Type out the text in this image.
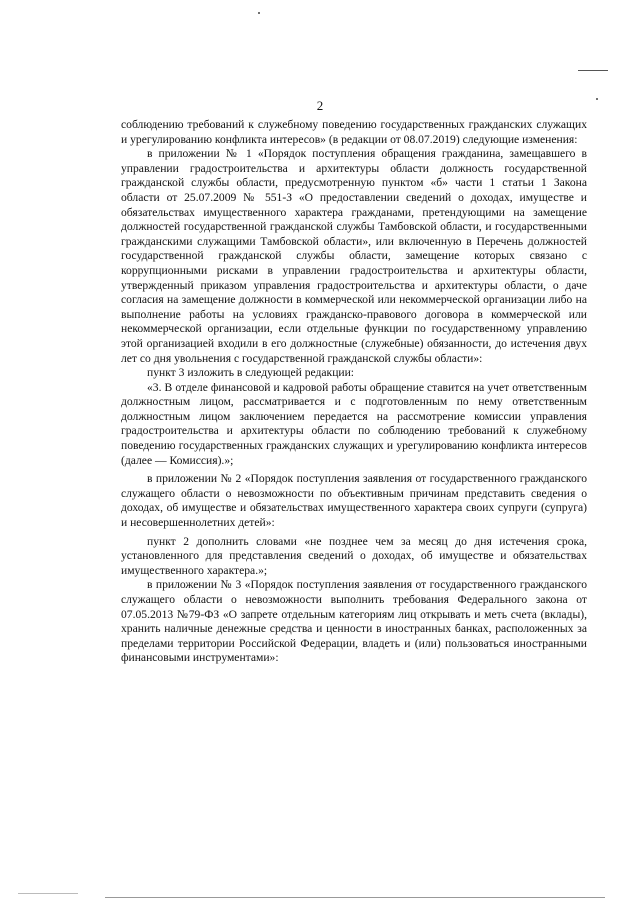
2

соблюдению требований к служебному поведению государственных гражданских служащих и урегулированию конфликта интересов» (в редакции от 08.07.2019) следующие изменения:

в приложении № 1 «Порядок поступления обращения гражданина, замещавшего в управлении градостроительства и архитектуры области должность государственной гражданской службы области, предусмотренную пунктом «б» части 1 статьи 1 Закона области от 25.07.2009 № 551-З «О предоставлении сведений о доходах, имуществе и обязательствах имущественного характера гражданами, претендующими на замещение должностей государственной гражданской службы Тамбовской области, и государственными гражданскими служащими Тамбовской области», или включенную в Перечень должностей государственной гражданской службы области, замещение которых связано с коррупционными рисками в управлении градостроительства и архитектуры области, утвержденный приказом управления градостроительства и архитектуры области, о даче согласия на замещение должности в коммерческой или некоммерческой организации либо на выполнение работы на условиях гражданско-правового договора в коммерческой или некоммерческой организации, если отдельные функции по государственному управлению этой организацией входили в его должностные (служебные) обязанности, до истечения двух лет со дня увольнения с государственной гражданской службы области»:

пункт 3 изложить в следующей редакции:

«3. В отделе финансовой и кадровой работы обращение ставится на учет ответственным должностным лицом, рассматривается и с подготовленным по нему ответственным должностным лицом заключением передается на рассмотрение комиссии управления градостроительства и архитектуры области по соблюдению требований к служебному поведению государственных гражданских служащих и урегулированию конфликта интересов (далее — Комиссия).»;

в приложении № 2 «Порядок поступления заявления от государственного гражданского служащего области о невозможности по объективным причинам представить сведения о доходах, об имуществе и обязательствах имущественного характера своих супруги (супруга) и несовершеннолетних детей»:

пункт 2 дополнить словами «не позднее чем за месяц до дня истечения срока, установленного для представления сведений о доходах, об имуществе и обязательствах имущественного характера.»;

в приложении № 3 «Порядок поступления заявления от государственного гражданского служащего области о невозможности выполнить требования Федерального закона от 07.05.2013 №79-ФЗ «О запрете отдельным категориям лиц открывать и меть счета (вклады), хранить наличные денежные средства и ценности в иностранных банках, расположенных за пределами территории Российской Федерации, владеть и (или) пользоваться иностранными финансовыми инструментами»:
